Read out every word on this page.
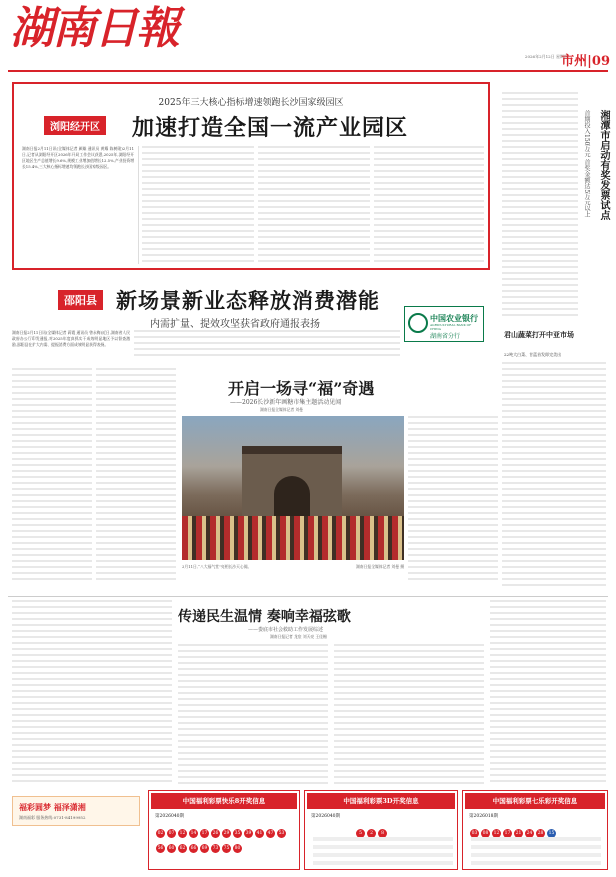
湖南日報
2026年2月12日 星期四
市州|09
2025年三大核心指标增速领跑长沙国家级园区
浏阳经开区 加速打造全国一流产业园区
湖南日报2月11日讯(全媒体记者 颜雄 通讯员 黄耀 陈树勋)2月11日,记者从浏阳经开区2026年开局工作会议获悉,2025年,浏阳经开区地区生产总值增长9.6%,规模工业增加值增长12.5%,产业投资增长15.4%,三大核心指标增速均领跑长沙国家级园区。	湘潭市启动有奖发票试点
首期投入150万元 首奖金额达5万元以上
邵阳县 新场景新业态释放消费潜能
内需扩量、提效攻坚获省政府通报表扬
湖南日报2月11日讯(全媒体记者 蒋霞 通讯员 曾永梅)近日,湖南省人民政府办公厅印发通报,对2025年度真抓实干成效明显地区予以督查激励,邵阳县在扩大内需、提振消费方面成效明显获得表扬。
中国农业银行
AGRICULTURAL BANK OF CHINA
湖南省分行	君山蔬菜打开中亚市场
22吨大白菜、甘蓝首发即完美出
开启一场寻“福”奇遇
——2026长沙新年画糖市集主题活动见闻
湖南日报全媒体记者 刘曼
2月11日,“八大福气堂”亮相长沙天心阁。	湖南日报全媒体记者 刘曼 摄
传递民生温情 奏响幸福弦歌
——娄底市社会救助工作发展综述
湖南日报记者 龙宸 刘天亮 王佳楣
福彩圆梦 福泽潇湘
湖南福彩 服务热线:0731-84199952
中国福利彩票快乐8开奖信息
第2026040期
02 07 12 14 17 26 29 35 39 41 47 5356 60 62 66 69 73 75 80
中国福利彩票3D开奖信息
第2026040期
5 2 8
中国福利彩票七乐彩开奖信息
第2026018期
03 08 12 17 21 24 28 15
